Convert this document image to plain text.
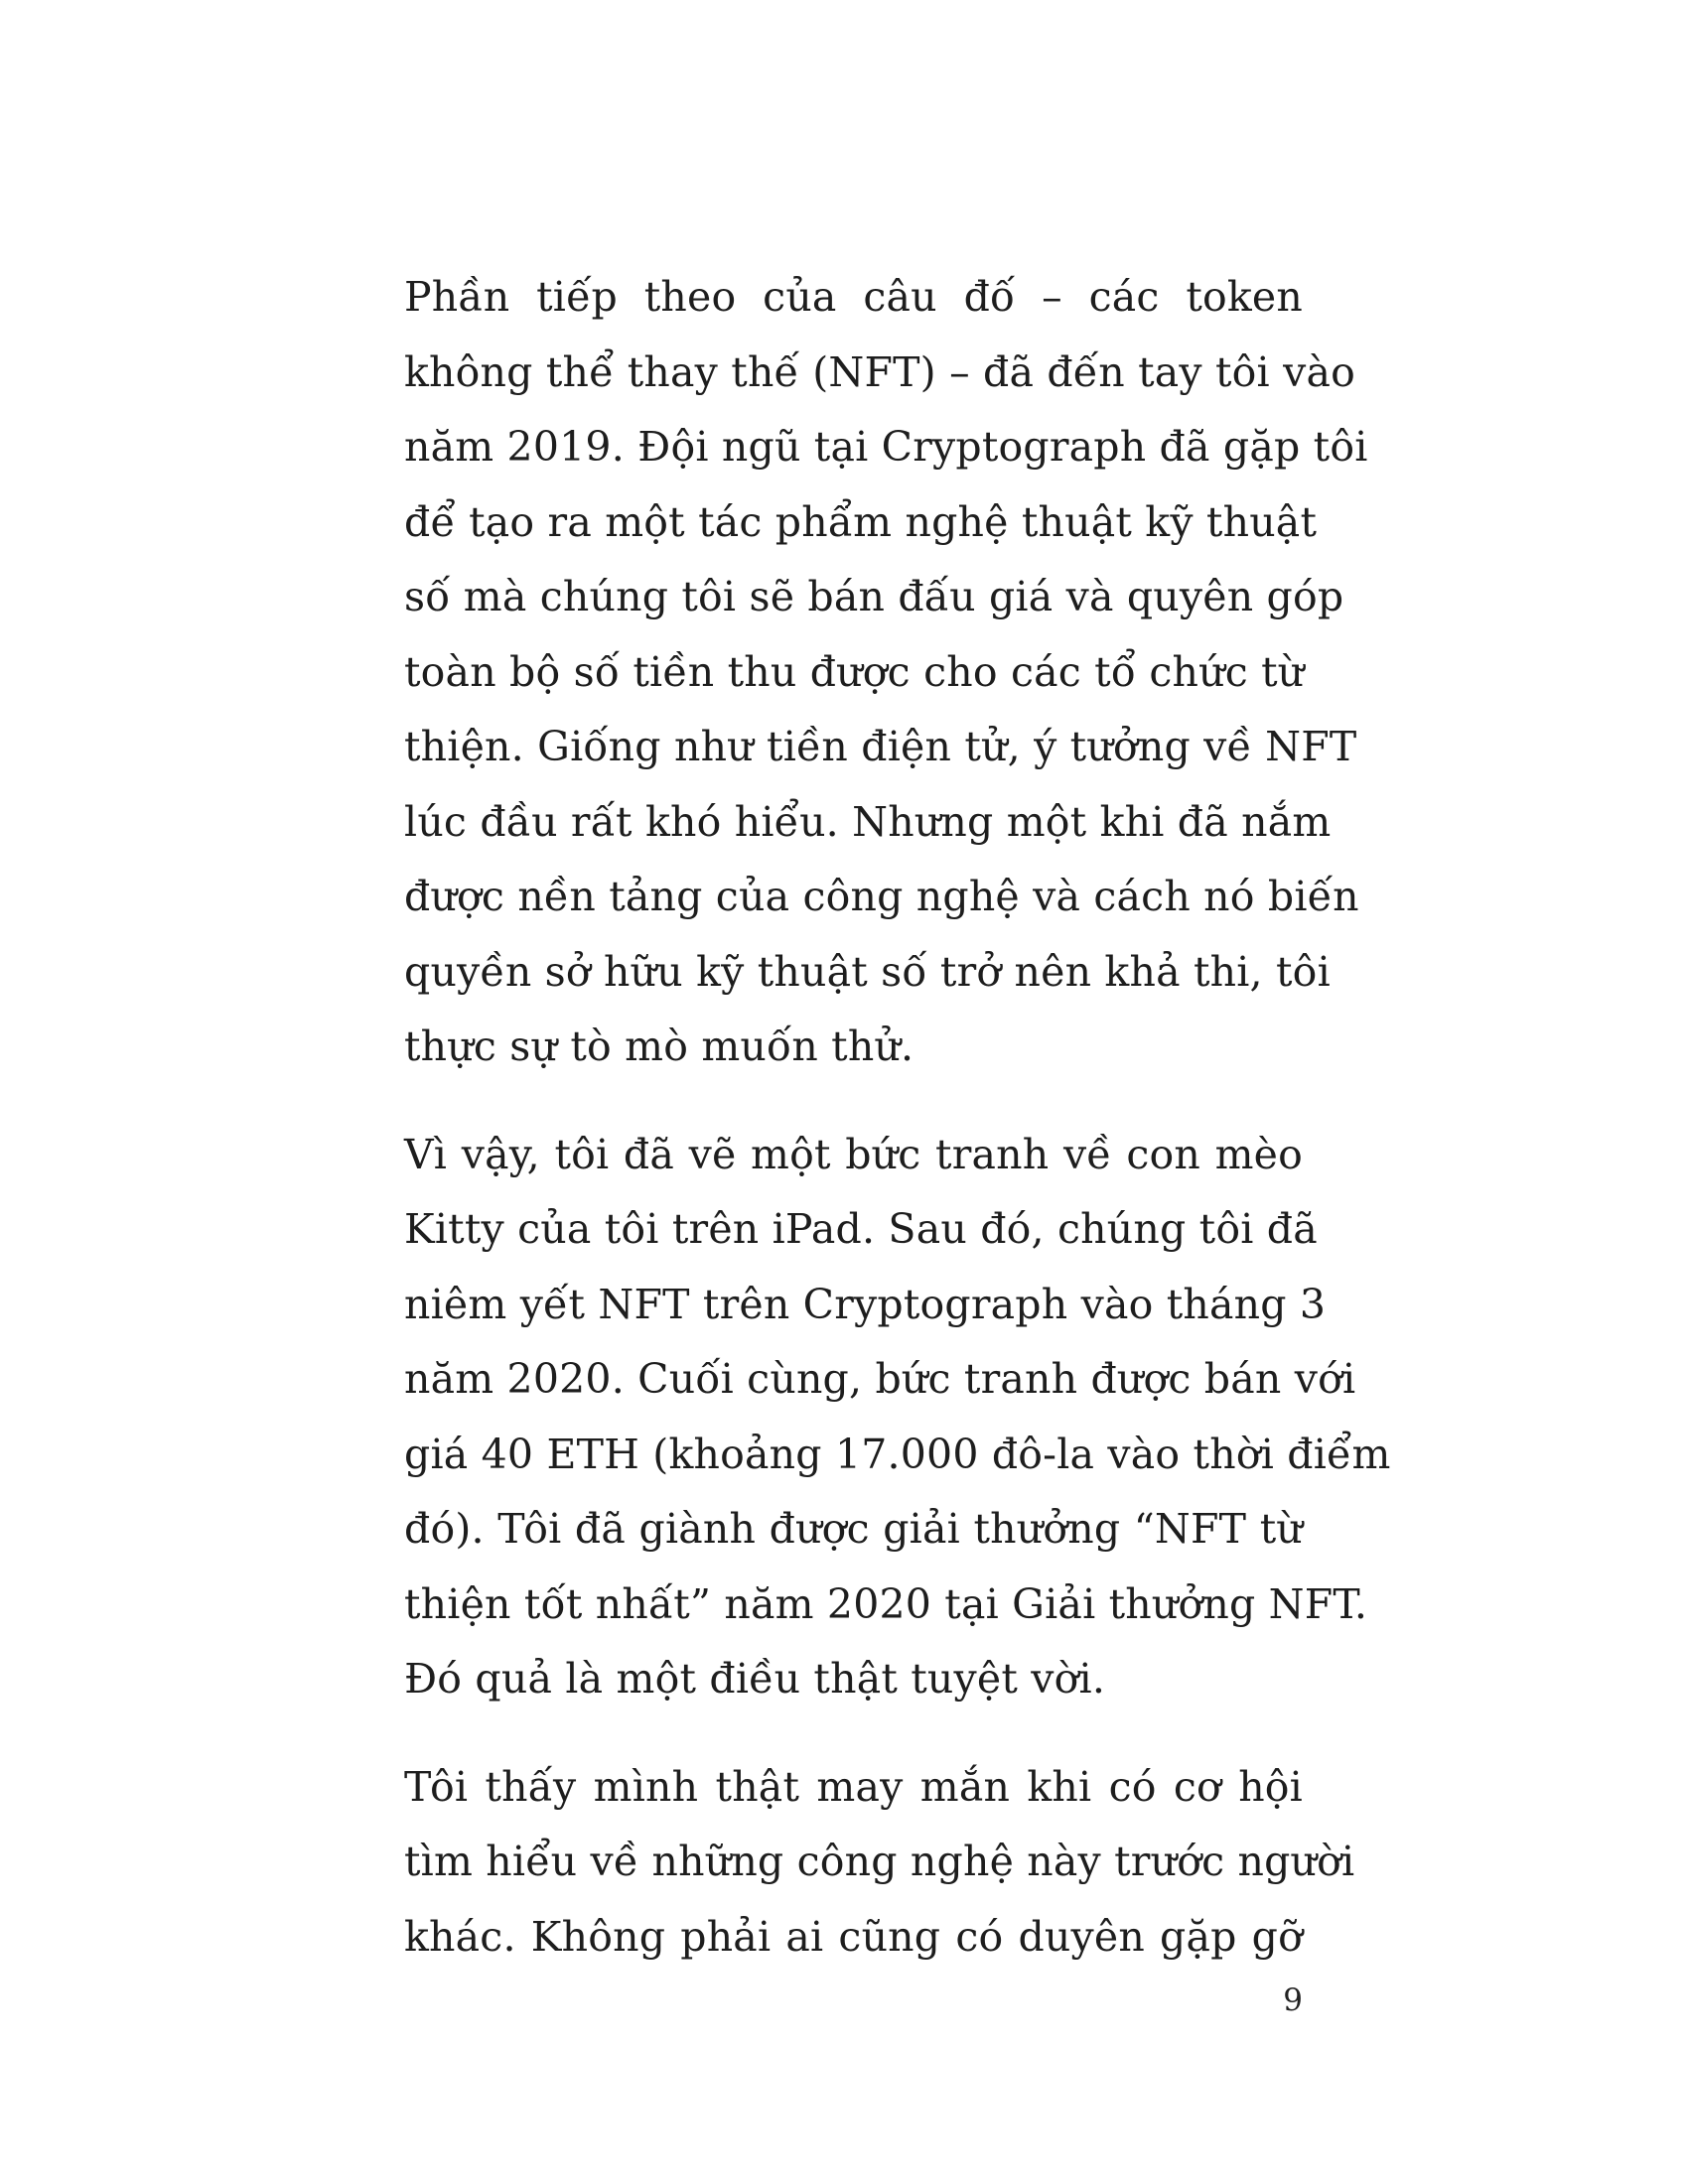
Phần tiếp theo của câu đố – các token
không thể thay thế (NFT) – đã đến tay tôi vào
năm 2019. Đội ngũ tại Cryptograph đã gặp tôi
để tạo ra một tác phẩm nghệ thuật kỹ thuật
số mà chúng tôi sẽ bán đấu giá và quyên góp
toàn bộ số tiền thu được cho các tổ chức từ
thiện. Giống như tiền điện tử, ý tưởng về NFT
lúc đầu rất khó hiểu. Nhưng một khi đã nắm
được nền tảng của công nghệ và cách nó biến
quyền sở hữu kỹ thuật số trở nên khả thi, tôi
thực sự tò mò muốn thử.
Vì vậy, tôi đã vẽ một bức tranh về con mèo
Kitty của tôi trên iPad. Sau đó, chúng tôi đã
niêm yết NFT trên Cryptograph vào tháng 3
năm 2020. Cuối cùng, bức tranh được bán với
giá 40 ETH (khoảng 17.000 đô-la vào thời điểm
đó). Tôi đã giành được giải thưởng “NFT từ
thiện tốt nhất” năm 2020 tại Giải thưởng NFT.
Đó quả là một điều thật tuyệt vời.
Tôi thấy mình thật may mắn khi có cơ hội
tìm hiểu về những công nghệ này trước người
khác. Không phải ai cũng có duyên gặp gỡ
9
